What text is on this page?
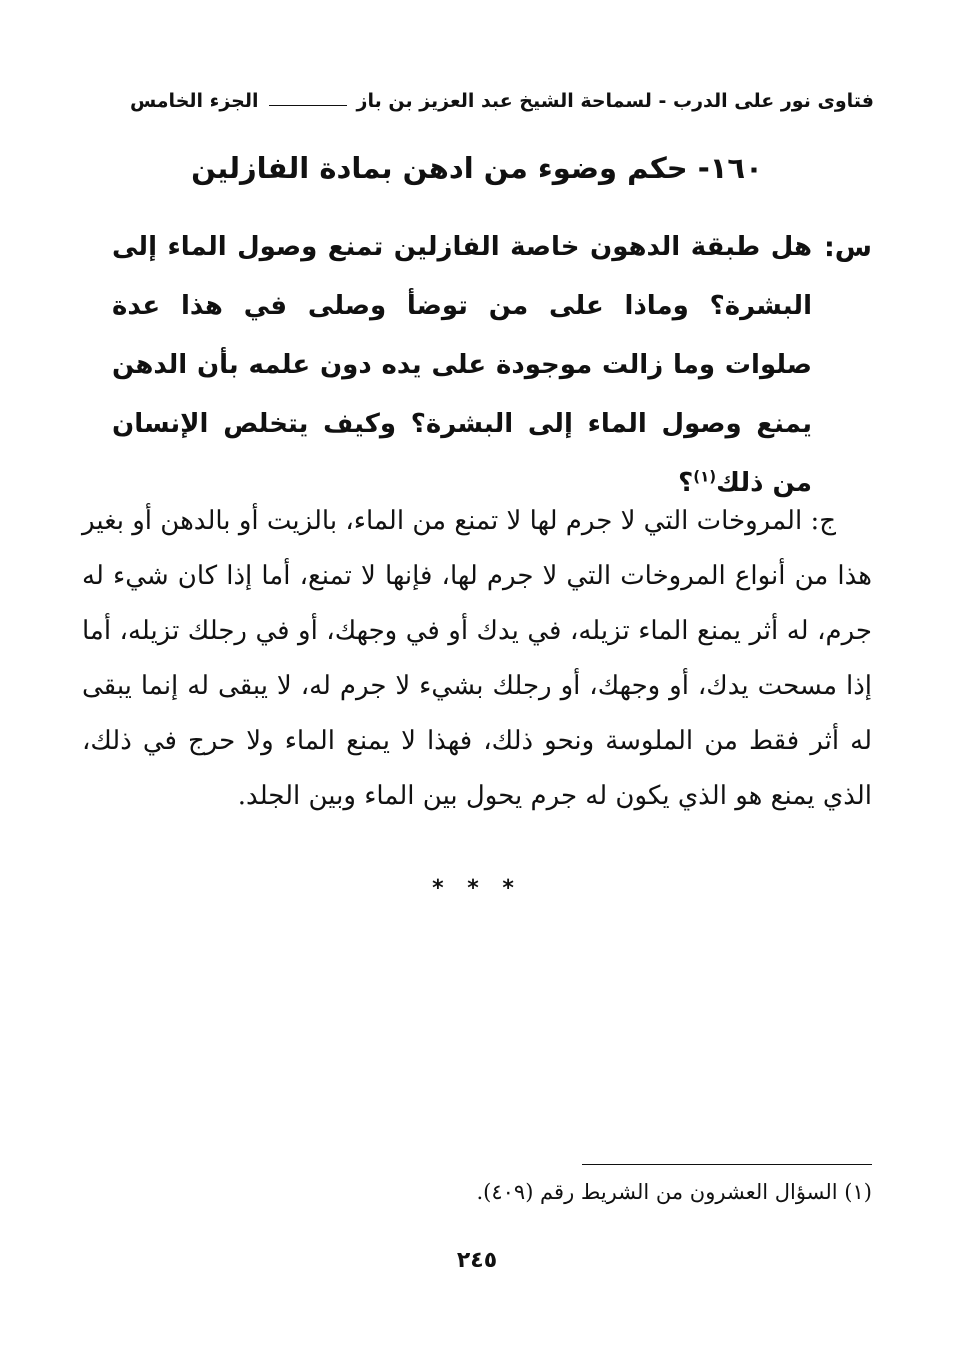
فتاوى نور على الدرب - لسماحة الشيخ عبد العزيز بن باز
الجزء الخامس
١٦٠- حكم وضوء من ادهن بمادة الفازلين
س:

هل طبقة الدهون خاصة الفازلين تمنع وصول الماء إلى البشرة؟ وماذا على من توضأ وصلى في هذا عدة صلوات وما زالت موجودة على يده دون علمه بأن الدهن يمنع وصول الماء إلى البشرة؟ وكيف يتخلص الإنسان من ذلك$^{(١)}$؟

ج: المروخات التي لا جرم لها لا تمنع من الماء، بالزيت أو بالدهن أو بغير هذا من أنواع المروخات التي لا جرم لها، فإنها لا تمنع، أما إذا كان شيء له جرم، له أثر يمنع الماء تزيله، في يدك أو في وجهك، أو في رجلك تزيله، أما إذا مسحت يدك، أو وجهك، أو رجلك بشيء لا جرم له، لا يبقى له إنما يبقى له أثر فقط من الملوسة ونحو ذلك، فهذا لا يمنع الماء ولا حرج في ذلك، الذي يمنع هو الذي يكون له جرم يحول بين الماء وبين الجلد.

* * *
(١) السؤال العشرون من الشريط رقم (٤٠٩).
٢٤٥
